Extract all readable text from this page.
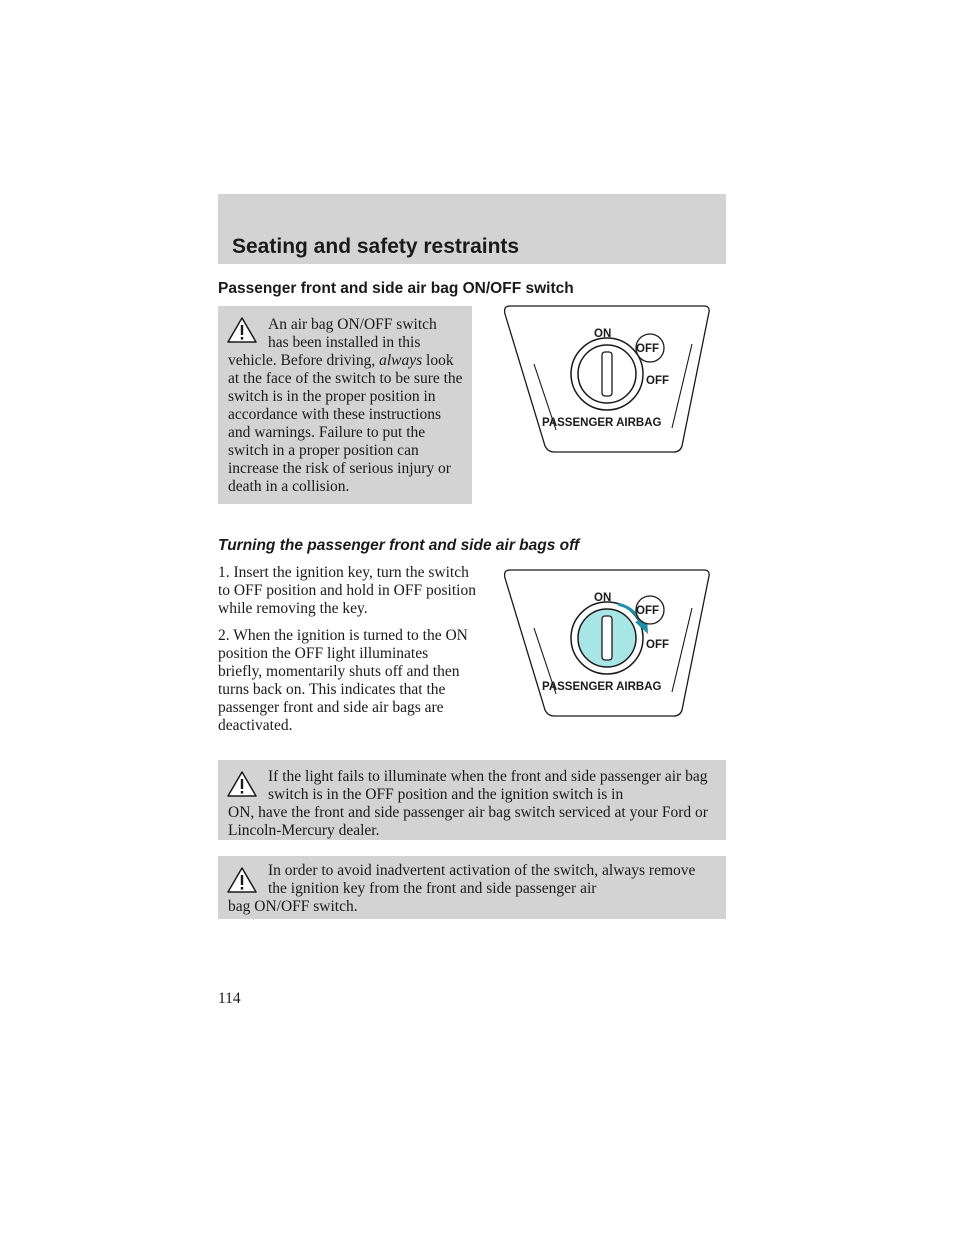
Seating and safety restraints
Passenger front and side air bag ON/OFF switch

An air bag ON/OFF switch
has been installed in this
vehicle. Before driving, always look at the face of the switch to be sure the switch is in the proper position in accordance with these instructions and warnings. Failure to put the switch in a proper position can increase the risk of serious injury or death in a collision.

ON
OFF
OFF
PASSENGER AIRBAG
Turning the passenger front and side air bags off

1. Insert the ignition key, turn the switch to OFF position and hold in OFF position while removing the key.

2. When the ignition is turned to the ON position the OFF light illuminates briefly, momentarily shuts off and then turns back on. This indicates that the passenger front and side air bags are deactivated.

ON
OFF
OFF
PASSENGER AIRBAG

If the light fails to illuminate when the front and side passenger air bag switch is in the OFF position and the ignition switch is in
ON, have the front and side passenger air bag switch serviced at your Ford or Lincoln-Mercury dealer.

In order to avoid inadvertent activation of the switch, always remove the ignition key from the front and side passenger air
bag ON/OFF switch.

114
